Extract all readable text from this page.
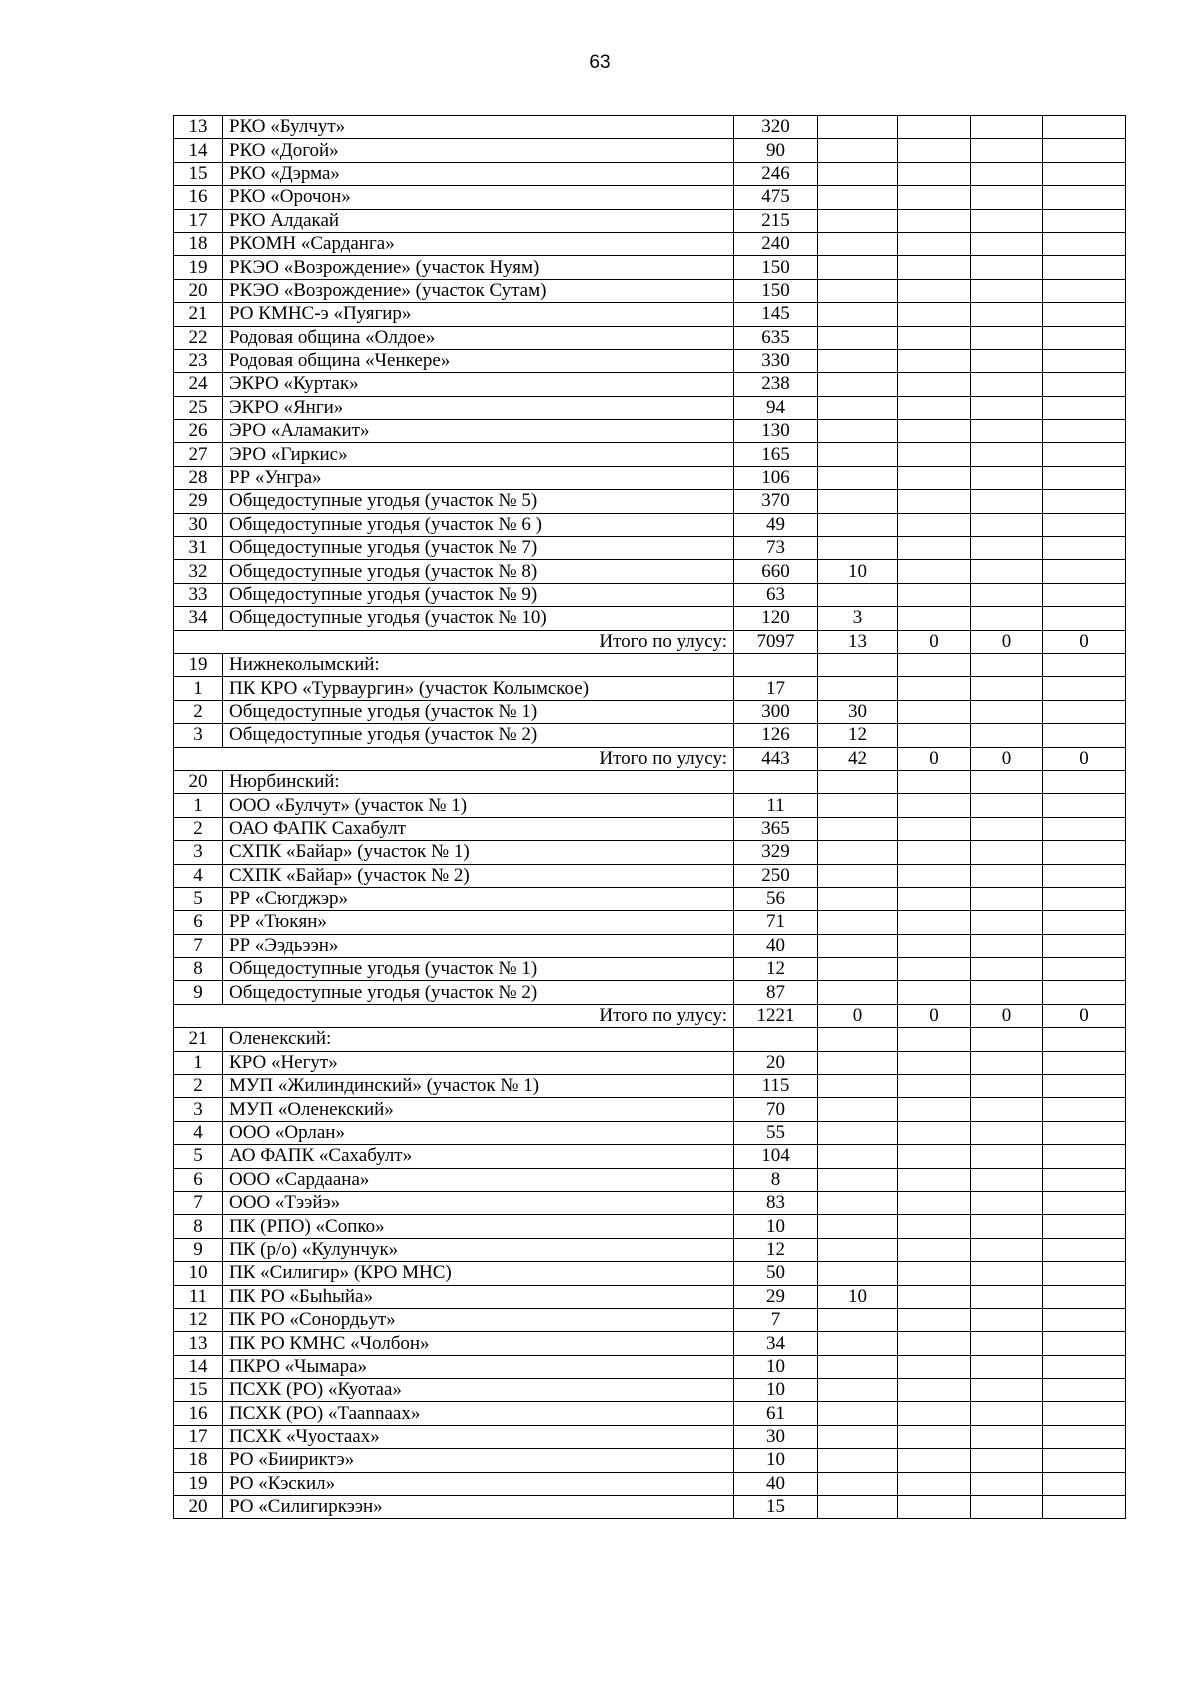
63
13	РКО «Булчут»	320				
14	РКО «Догой»	90				
15	РКО «Дэрма»	246				
16	РКО «Орочон»	475				
17	РКО Алдакай	215				
18	РКОМН «Сарданга»	240				
19	РКЭО «Возрождение» (участок Нуям)	150				
20	РКЭО «Возрождение» (участок Сутам)	150				
21	РО КМНС-э «Пуягир»	145				
22	Родовая община «Олдое»	635				
23	Родовая община «Ченкере»	330				
24	ЭКРО «Куртак»	238				
25	ЭКРО «Янги»	94				
26	ЭРО «Аламакит»	130				
27	ЭРО «Гиркис»	165				
28	РР «Унгра»	106				
29	Общедоступные угодья (участок № 5)	370				
30	Общедоступные угодья (участок № 6 )	49				
31	Общедоступные угодья (участок № 7)	73				
32	Общедоступные угодья (участок № 8)	660	10			
33	Общедоступные угодья (участок № 9)	63				
34	Общедоступные угодья (участок № 10)	120	3			
Итого по улусу:		7097	13	0	0	0
19	Нижнеколымский:					
1	ПК КРО «Турваургин» (участок Колымское)	17				
2	Общедоступные угодья (участок № 1)	300	30			
3	Общедоступные угодья (участок № 2)	126	12			
Итого по улусу:		443	42	0	0	0
20	Нюрбинский:					
1	ООО «Булчут» (участок № 1)	11				
2	ОАО ФАПК Сахабулт	365				
3	СХПК «Байар» (участок № 1)	329				
4	СХПК «Байар» (участок № 2)	250				
5	РР «Сюгджэр»	56				
6	РР «Тюкян»	71				
7	РР «Ээдьээн»	40				
8	Общедоступные угодья (участок № 1)	12				
9	Общедоступные угодья (участок № 2)	87				
Итого по улусу:		1221	0	0	0	0
21	Оленекский:					
1	КРО «Негут»	20				
2	МУП «Жилиндинский» (участок № 1)	115				
3	МУП «Оленекский»	70				
4	ООО «Орлан»	55				
5	АО ФАПК «Сахабулт»	104				
6	ООО «Сардаана»	8				
7	ООО «Тээйэ»	83				
8	ПК (РПО) «Сопко»	10				
9	ПК (р/о) «Кулунчук»	12				
10	ПК «Силигир» (КРО МНС)	50				
11	ПК РО «Быhыйа»	29	10			
12	ПК РО «Сонордьут»	7				
13	ПК РО КМНС «Чолбон»	34				
14	ПКРО «Чымара»	10				
15	ПСХК (РО) «Куотаа»	10				
16	ПСХК (РО) «Таannaах»	61				
17	ПСХК «Чуостаах»	30				
18	РО «Биириктэ»	10				
19	РО «Кэскил»	40				
20	РО «Силигиркээн»	15				
